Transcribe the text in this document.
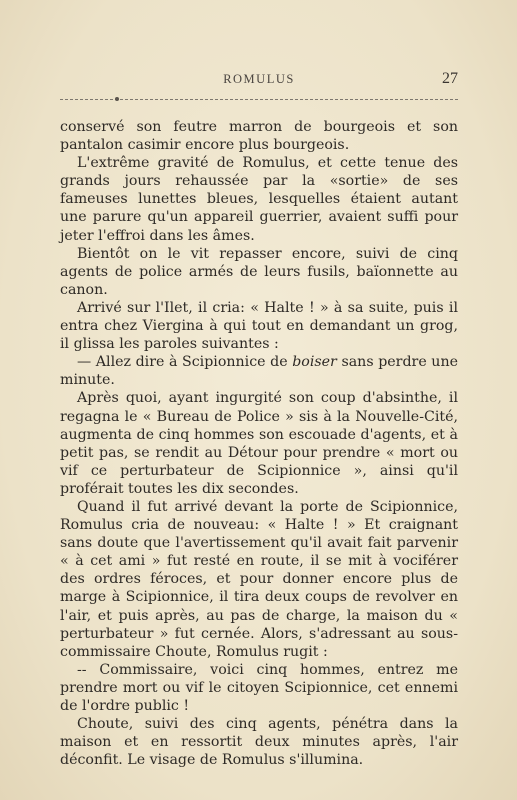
ROMULUS	27

conservé son feutre marron de bourgeois et son pantalon casimir encore plus bourgeois.

L'extrême gravité de Romulus, et cette tenue des grands jours rehaussée par la «sortie» de ses fameuses lunettes bleues, lesquelles étaient autant une parure qu'un appareil guerrier, avaient suffi pour jeter l'effroi dans les âmes.

Bientôt on le vit repasser encore, suivi de cinq agents de police armés de leurs fusils, baïonnette au canon.

Arrivé sur l'Ilet, il cria: « Halte ! » à sa suite, puis il entra chez Viergina à qui tout en demandant un grog, il glissa les paroles suivantes :

— Allez dire à Scipionnice de boiser sans perdre une minute.

Après quoi, ayant ingurgité son coup d'absinthe, il regagna le « Bureau de Police » sis à la Nouvelle-Cité, augmenta de cinq hommes son escouade d'agents, et à petit pas, se rendit au Détour pour prendre « mort ou vif ce perturbateur de Scipionnice », ainsi qu'il proférait toutes les dix secondes.

Quand il fut arrivé devant la porte de Scipionnice, Romulus cria de nouveau: « Halte ! » Et craignant sans doute que l'avertissement qu'il avait fait parvenir « à cet ami » fut resté en route, il se mit à vociférer des ordres féroces, et pour donner encore plus de marge à Scipionnice, il tira deux coups de revolver en l'air, et puis après, au pas de charge, la maison du « perturbateur » fut cernée. Alors, s'adressant au sous-commissaire Choute, Romulus rugit :

-- Commissaire, voici cinq hommes, entrez me prendre mort ou vif le citoyen Scipionnice, cet ennemi de l'ordre public !

Choute, suivi des cinq agents, pénétra dans la maison et en ressortit deux minutes après, l'air déconfit. Le visage de Romulus s'illumina.
